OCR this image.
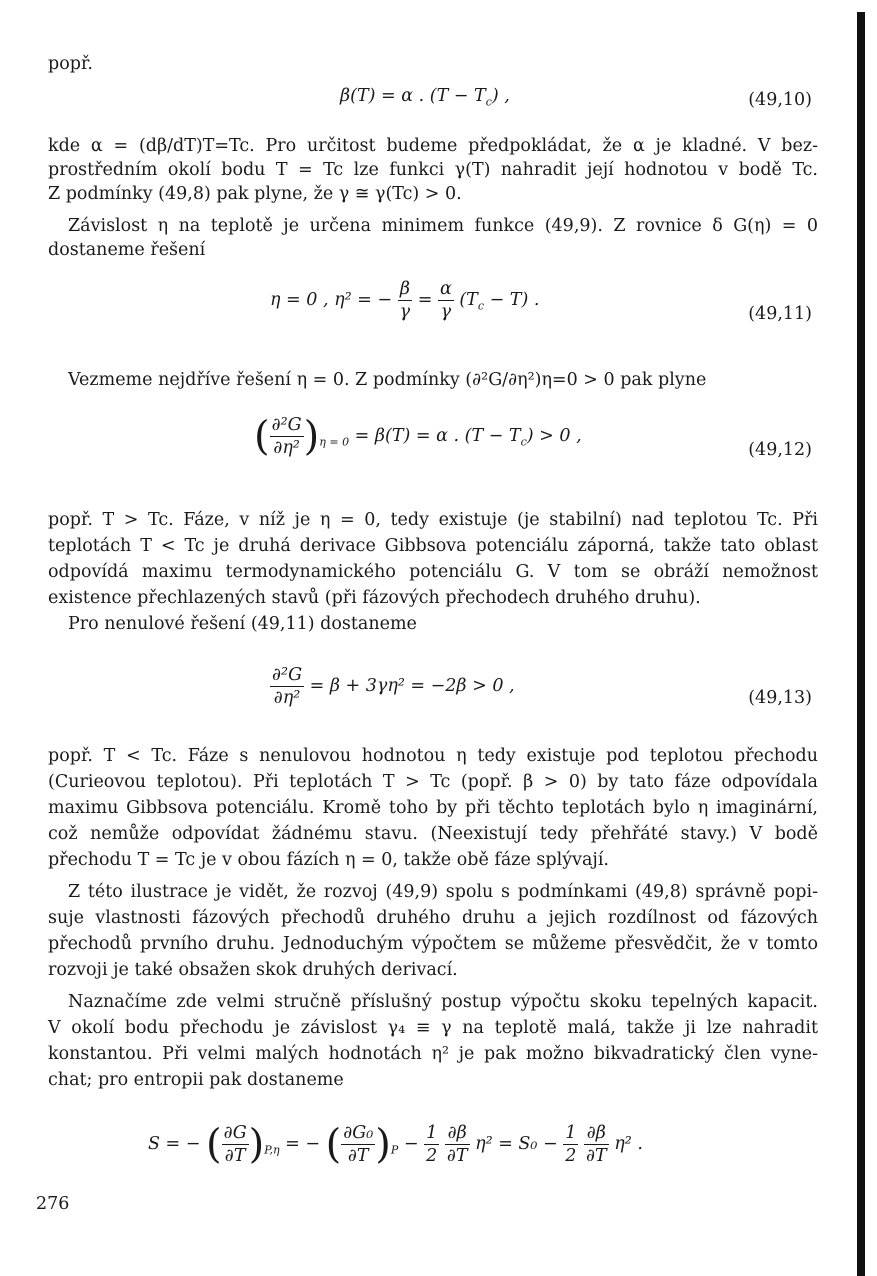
popř.
β(T) = α . $(T - T_c)$ ,	(49,10)
kde α = (dβ/dT)T=Tc. Pro určitost budeme předpokládat, že α je kladné. V bez-
prostředním okolí bodu T = Tc lze funkci γ(T) nahradit její hodnotou v bodě Tc.
Z podmínky (49,8) pak plyne, že γ ≅ γ(Tc) > 0.
Závislost η na teplotě je určena minimem funkce (49,9). Z rovnice δ G(η) = 0
dostaneme řešení
η = 0 , η² = − $\frac{\beta}{\gamma} = \frac{\alpha}{\gamma} (T_c - T)$ .
(49,11)
Vezmeme nejdříve řešení η = 0. Z podmínky (∂²G/∂η²)η=0 > 0 pak plyne
( $\frac{\text{∂²G}}{\text{∂η²}} )_{\eta = 0} = \beta(T) = \alpha$ . $(T - T_c) > 0$ ,
(49,12)
popř. T > Tc. Fáze, v níž je η = 0, tedy existuje (je stabilní) nad teplotou Tc. Při
teplotách T < Tc je druhá derivace Gibbsova potenciálu záporná, takže tato oblast
odpovídá maximu termodynamického potenciálu G. V tom se obráží nemožnost
existence přechlazených stavů (při fázových přechodech druhého druhu).
Pro nenulové řešení (49,11) dostaneme
$\frac{\text{∂²G}}{\text{∂η²}} = \beta + 3\gamma\eta^2 = -2\beta > 0$ ,
(49,13)
popř. T < Tc. Fáze s nenulovou hodnotou η tedy existuje pod teplotou přechodu
(Curieovou teplotou). Při teplotách T > Tc (popř. β > 0) by tato fáze odpovídala
maximu Gibbsova potenciálu. Kromě toho by při těchto teplotách bylo η imaginární,
což nemůže odpovídat žádnému stavu. (Neexistují tedy přehřáté stavy.) V bodě
přechodu T = Tc je v obou fázích η = 0, takže obě fáze splývají.
Z této ilustrace je vidět, že rozvoj (49,9) spolu s podmínkami (49,8) správně popi-
suje vlastnosti fázových přechodů druhého druhu a jejich rozdílnost od fázových
přechodů prvního druhu. Jednoduchým výpočtem se můžeme přesvědčit, že v tomto
rozvoji je také obsažen skok druhých derivací.
Naznačíme zde velmi stručně příslušný postup výpočtu skoku tepelných kapacit.
V okolí bodu přechodu je závislost γ₄ ≡ γ na teplotě malá, takže ji lze nahradit
konstantou. Při velmi malých hodnotách η² je pak možno bikvadratický člen vyne-
chat; pro entropii pak dostaneme
S = − ( $\frac{\partial G}{\partial T} )_{P,\eta}$ = − ( $\frac{\text{∂G₀}}{\partial T} )_P - \frac{1}{2}$
$\frac{\partial\beta}{\partial T} \eta^2 = S_0 - \frac{1}{2}$
$\frac{\partial\beta}{\partial T} \eta^2$ .
276
